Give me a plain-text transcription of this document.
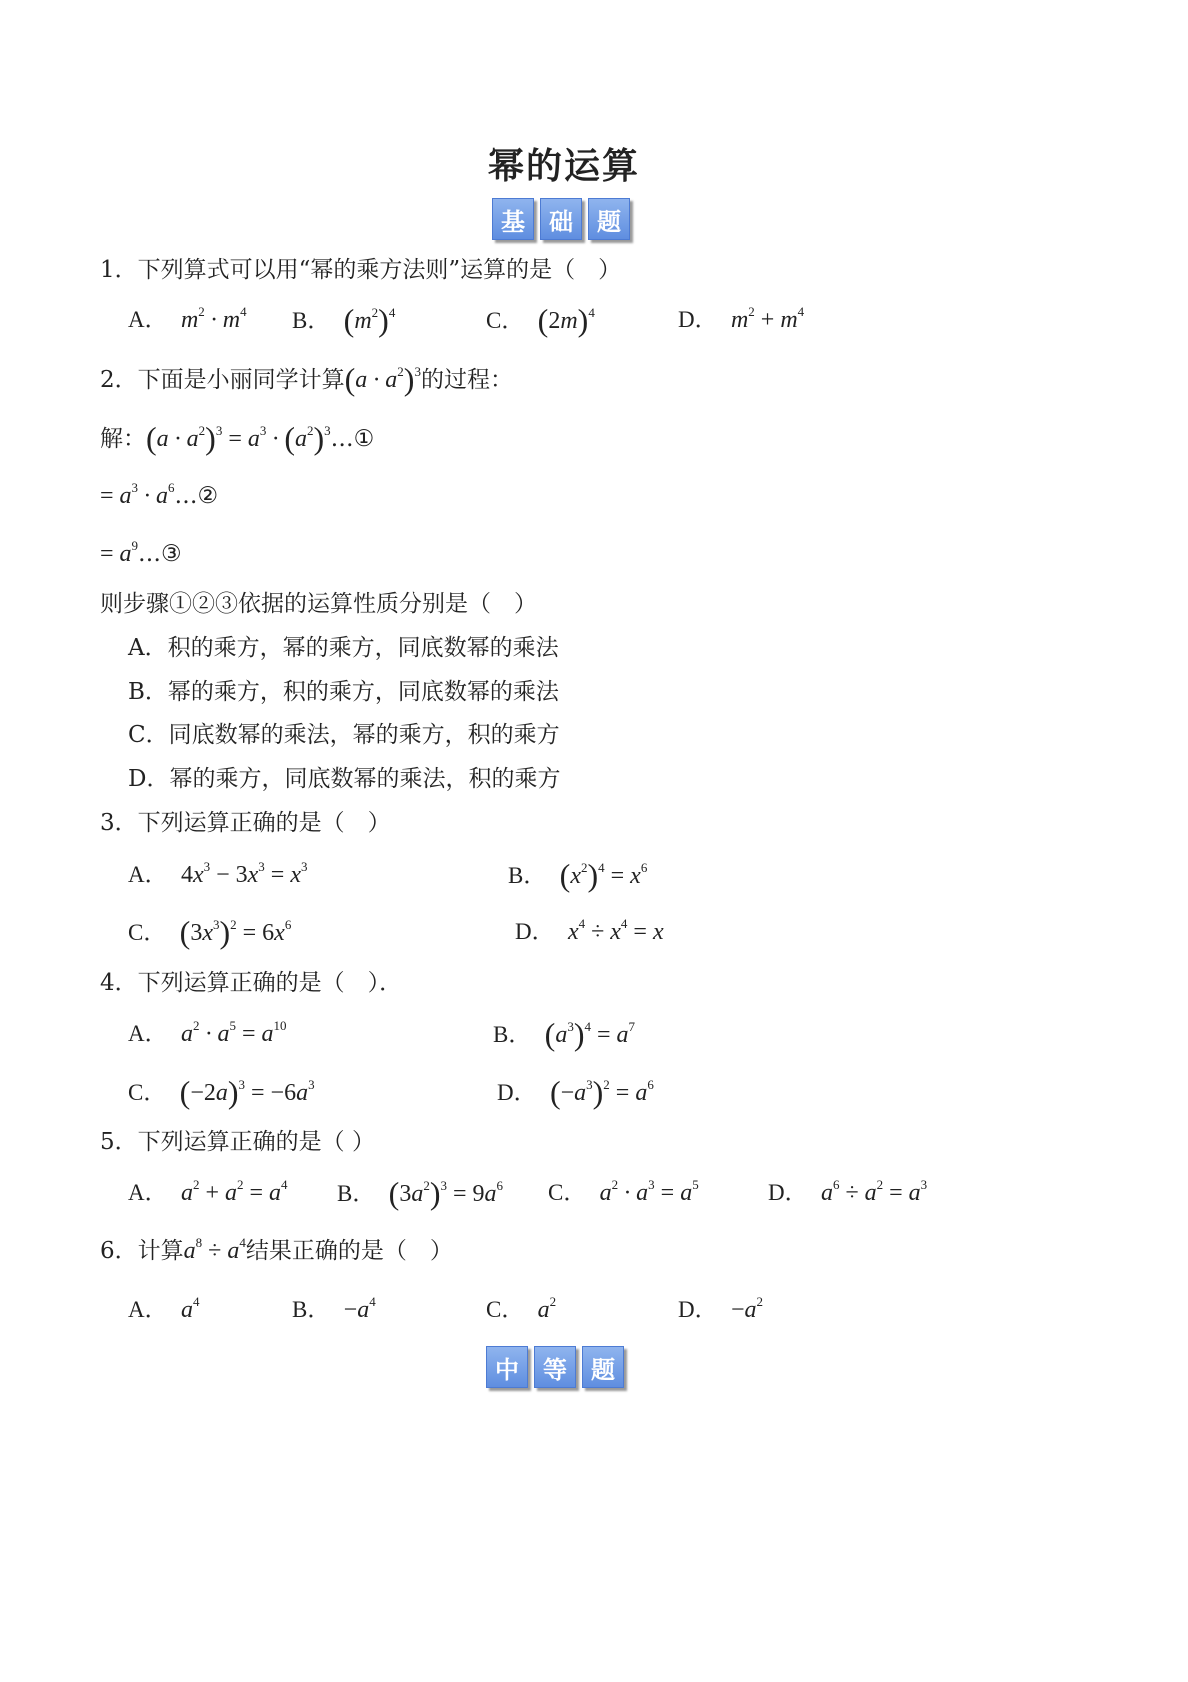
幂的运算
基	础	题
1．下列算式可以用“幂的乘方法则”运算的是（　）
A．  $m^2 \cdot m^4$ B． $(m^2)^4$	C． $(2m)^4$	D．  $m^2 + m^4$
2．下面是小丽同学计算$(a \cdot a^2)^3$的过程：
解：$(a \cdot a^2)^3 = a^3$ · $(a^2)^3\dots ①$
= $a^3$ · $a^6\dots ②$
= $a^9\dots ③$
则步骤①②③依据的运算性质分别是（　）
A．积的乘方，幂的乘方，同底数幂的乘法
B．幂的乘方，积的乘方，同底数幂的乘法
C．同底数幂的乘法，幂的乘方，积的乘方
D．幂的乘方，同底数幂的乘法，积的乘方
3．下列运算正确的是（　）
A． $4x^3 - 3x^3 = x^3$	B． $(x^2)^4 = x^6$
C． $(3x^3)^2 = 6x^6$	D．  $x^4 \div x^4 = x$
4．下列运算正确的是（　）．
A．  $a^2 \cdot a^5 = a^{10}$	B． $(a^3)^4 = a^7$
C． $(-2a)^3 = -6a^3$	D． $(-a^3)^2 = a^6$
5．下列运算正确的是（ ）
A．  $a^2 + a^2 = a^4$ B． $(3a^2)^3 = 9a^6$ C．  $a^2 \cdot a^3 = a^5$	D．  $a^6 \div a^2 = a^3$
6．计算$a^8 \div a^4$结果正确的是（　）
A．  $a^4$	B． $-a^4$	C．  $a^2$	D． $-a^2$
中	等	题
